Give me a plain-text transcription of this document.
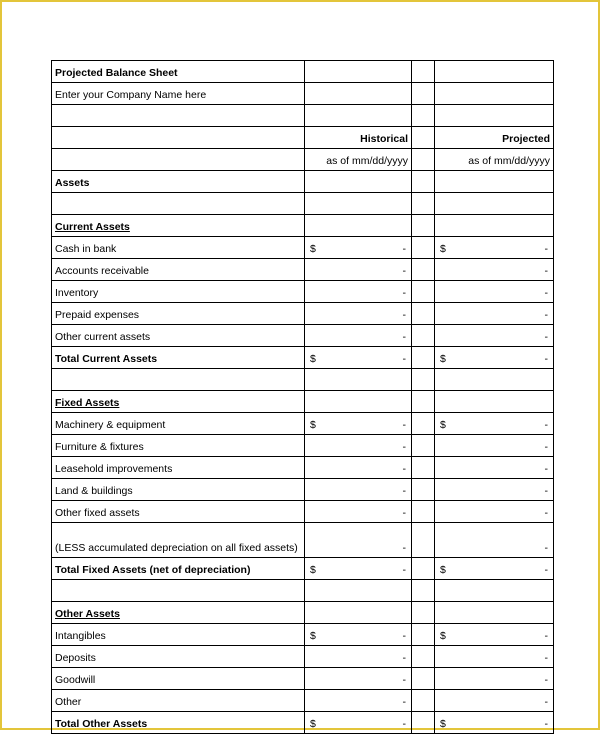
Projected Balance Sheet			
Enter your Company Name here			

	Historical		Projected
	as of mm/dd/yyyy		as of mm/dd/yyyy
Assets			

Current Assets			
Cash in bank	$ -		$ -

Accounts receivable	-		-

Inventory	-		-

Prepaid expenses	-		-

Other current assets	-		-

Total Current Assets	$ -		$ -

Fixed Assets			
Machinery & equipment	$ -		$ -

Furniture & fixtures	-		-

Leasehold improvements	-		-

Land & buildings	-		-

Other fixed assets	-		-

(LESS accumulated depreciation on all fixed assets)	-		-

Total Fixed Assets (net of depreciation)	$ -		$ -

Other Assets			
Intangibles	$ -		$ -

Deposits	-		-

Goodwill	-		-

Other	-		-

Total Other Assets	$ -		$ -
